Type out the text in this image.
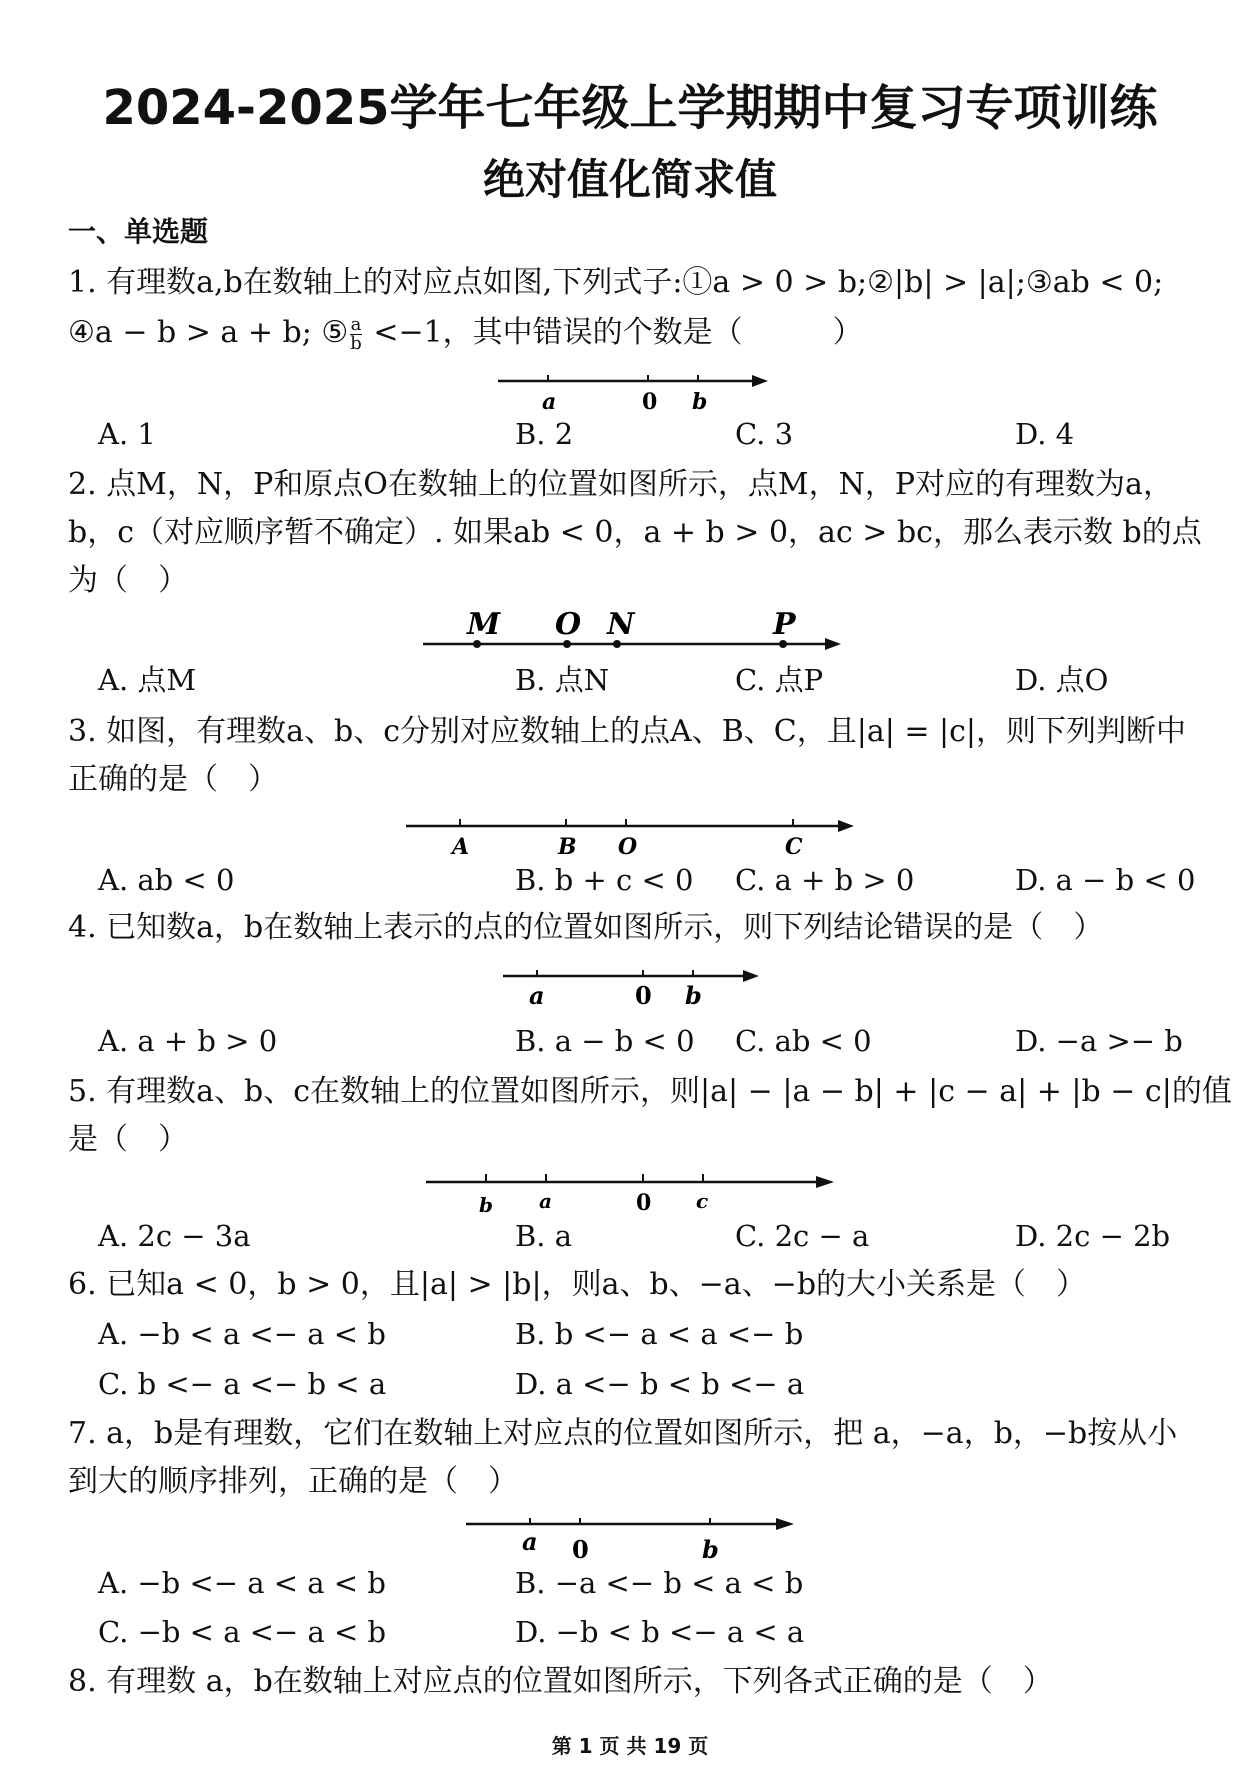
2024-2025学年七年级上学期期中复习专项训练
绝对值化简求值
一、单选题
1. 有理数a,b在数轴上的对应点如图,下列式子:①a > 0 > b;②|b| > |a|;③ab < 0;
④a − b > a + b; ⑤ $\frac{a}{b} <-1$，其中错误的个数是（　　　）
a	0 b
A. 1	B. 2	C. 3	D. 4
2. 点M，N，P和原点O在数轴上的位置如图所示，点M，N，P对应的有理数为a，
b，c（对应顺序暂不确定）. 如果ab < 0，a + b > 0，ac > bc，那么表示数 b的点
为（　）
M O N	P
A. 点M	B. 点N	C. 点P	D. 点O
3. 如图，有理数a、b、c分别对应数轴上的点A、B、C，且|a| = |c|，则下列判断中
正确的是（　）
A	B O	C
A. ab < 0	B. b + c < 0 C. a + b > 0	D. a − b < 0
4. 已知数a，b在数轴上表示的点的位置如图所示，则下列结论错误的是（　）
a	0 b
A. a + b > 0	B. a − b < 0 C. ab < 0	D. −a >− b
5. 有理数a、b、c在数轴上的位置如图所示，则|a| − |a − b| + |c − a| + |b − c|的值
是（　）
b a	0 c
A. 2c − 3a	B. a	C. 2c − a	D. 2c − 2b
6. 已知a < 0，b > 0，且|a| > |b|，则a、b、−a、−b的大小关系是（　）
A. −b < a <− a < b	B. b <− a < a <− b
C. b <− a <− b < a	D. a <− b < b <− a
7. a，b是有理数，它们在数轴上对应点的位置如图所示，把 a，−a，b，−b按从小
到大的顺序排列，正确的是（　）
a 0	b
A. −b <− a < a < b	B. −a <− b < a < b
C. −b < a <− a < b	D. −b < b <− a < a
8. 有理数 a，b在数轴上对应点的位置如图所示，下列各式正确的是（　）
第 1 页 共 19 页
